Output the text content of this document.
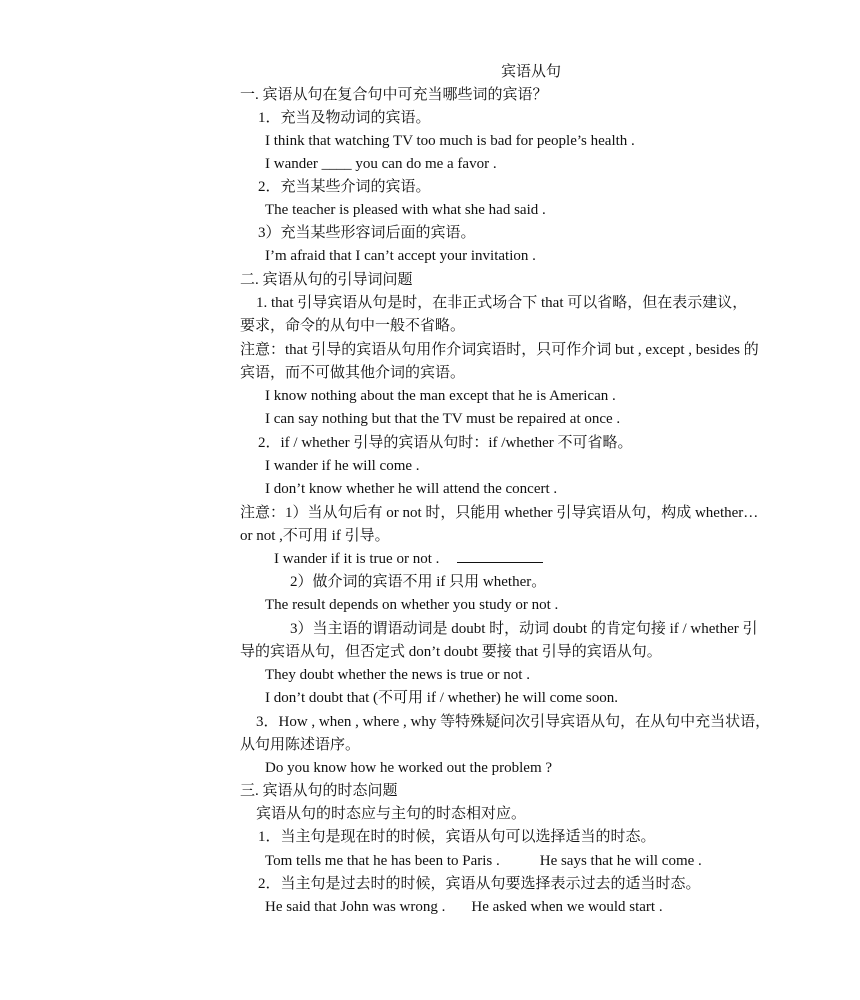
宾语从句
一. 宾语从句在复合句中可充当哪些词的宾语？
1．充当及物动词的宾语。
I think that watching TV too much is bad for people’s health .
I wander ____ you can do me a favor .
2．充当某些介词的宾语。
The teacher is pleased with what she had said .
3）充当某些形容词后面的宾语。
I’m afraid that I can’t accept your invitation .
二. 宾语从句的引导词问题
1. that 引导宾语从句是时，在非正式场合下 that 可以省略，但在表示建议，
要求，命令的从句中一般不省略。
注意：that 引导的宾语从句用作介词宾语时，只可作介词 but , except , besides 的
宾语，而不可做其他介词的宾语。
I know nothing about the man except that he is American .
I can say nothing but that the TV must be repaired at once .
2．if / whether 引导的宾语从句时：if /whether 不可省略。
I wander if he will come .
I don’t know whether he will attend the concert .
注意：1）当从句后有 or not 时，只能用 whether 引导宾语从句，构成 whether…
or not ,不可用 if 引导。
I wander if it is true or not .
2）做介词的宾语不用 if 只用 whether。
The result depends on whether you study or not .
3）当主语的谓语动词是 doubt 时，动词 doubt 的肯定句接 if / whether 引
导的宾语从句，但否定式 don’t doubt 要接 that 引导的宾语从句。
They doubt whether the news is true or not .
I don’t doubt that (不可用 if / whether) he will come soon.
3．How , when , where , why 等特殊疑问次引导宾语从句，在从句中充当状语，
从句用陈述语序。
Do you know how he worked out the problem ?
三. 宾语从句的时态问题
宾语从句的时态应与主句的时态相对应。
1．当主句是现在时的时候，宾语从句可以选择适当的时态。
Tom tells me that he has been to Paris .	He says that he will come .
2．当主句是过去时的时候，宾语从句要选择表示过去的适当时态。
He said that John was wrong . He asked when we would start .
